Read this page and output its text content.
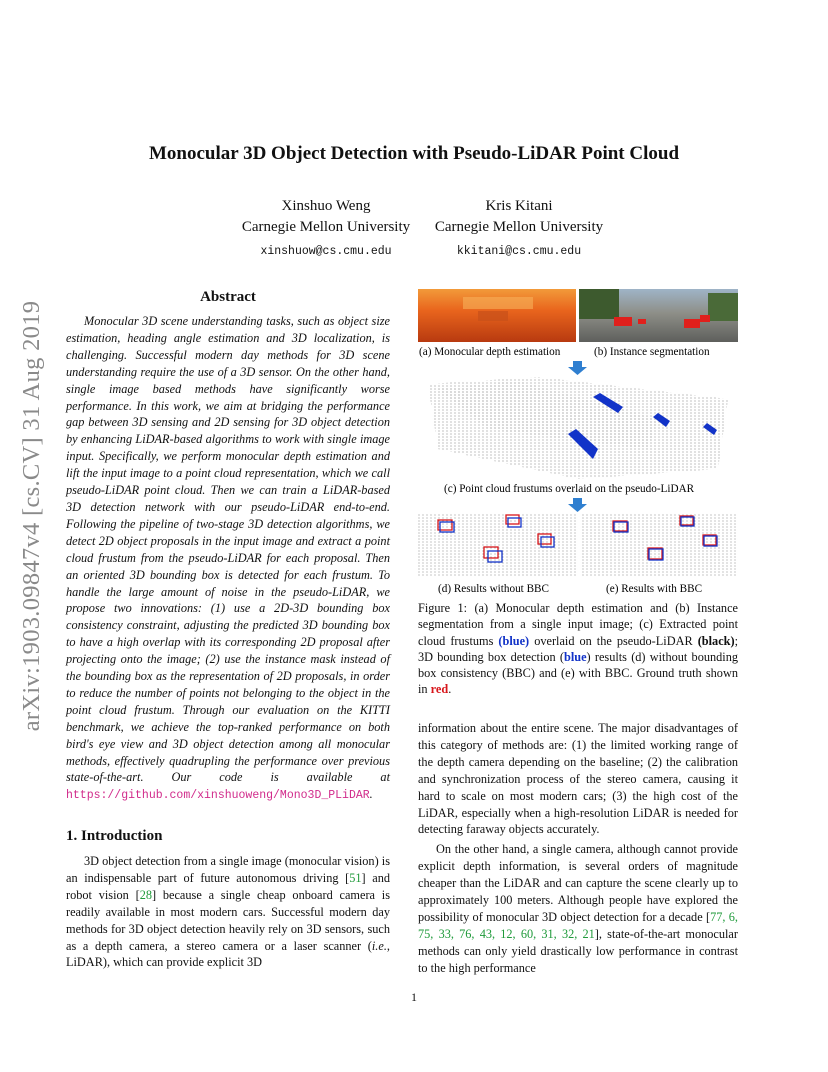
Monocular 3D Object Detection with Pseudo-LiDAR Point Cloud
Xinshuo Weng
Carnegie Mellon University
xinshuow@cs.cmu.edu
Kris Kitani
Carnegie Mellon University
kkitani@cs.cmu.edu
arXiv:1903.09847v4 [cs.CV] 31 Aug 2019
Abstract
Monocular 3D scene understanding tasks, such as object size estimation, heading angle estimation and 3D localization, is challenging. Successful modern day methods for 3D scene understanding require the use of a 3D sensor. On the other hand, single image based methods have significantly worse performance. In this work, we aim at bridging the performance gap between 3D sensing and 2D sensing for 3D object detection by enhancing LiDAR-based algorithms to work with single image input. Specifically, we perform monocular depth estimation and lift the input image to a point cloud representation, which we call pseudo-LiDAR point cloud. Then we can train a LiDAR-based 3D detection network with our pseudo-LiDAR end-to-end. Following the pipeline of two-stage 3D detection algorithms, we detect 2D object proposals in the input image and extract a point cloud frustum from the pseudo-LiDAR for each proposal. Then an oriented 3D bounding box is detected for each frustum. To handle the large amount of noise in the pseudo-LiDAR, we propose two innovations: (1) use a 2D-3D bounding box consistency constraint, adjusting the predicted 3D bounding box to have a high overlap with its corresponding 2D proposal after projecting onto the image; (2) use the instance mask instead of the bounding box as the representation of 2D proposals, in order to reduce the number of points not belonging to the object in the point cloud frustum. Through our evaluation on the KITTI benchmark, we achieve the top-ranked performance on both bird's eye view and 3D object detection among all monocular methods, effectively quadrupling the performance over previous state-of-the-art. Our code is available at https://github.com/xinshuoweng/Mono3D_PLiDAR.
1. Introduction
3D object detection from a single image (monocular vision) is an indispensable part of future autonomous driving [51] and robot vision [28] because a single cheap onboard camera is readily available in most modern cars. Successful modern day methods for 3D object detection heavily rely on 3D sensors, such as a depth camera, a stereo camera or a laser scanner (i.e., LiDAR), which can provide explicit 3D
(a) Monocular depth estimation	(b) Instance segmentation
(c) Point cloud frustums overlaid on the pseudo-LiDAR
(d) Results without BBC	(e) Results with BBC
Figure 1: (a) Monocular depth estimation and (b) Instance segmentation from a single input image; (c) Extracted point cloud frustums (blue) overlaid on the pseudo-LiDAR (black); 3D bounding box detection (blue) results (d) without bounding box consistency (BBC) and (e) with BBC. Ground truth shown in red.

information about the entire scene. The major disadvantages of this category of methods are: (1) the limited working range of the depth camera depending on the baseline; (2) the calibration and synchronization process of the stereo camera, causing it hard to scale on most modern cars; (3) the high cost of the LiDAR, especially when a high-resolution LiDAR is needed for detecting faraway objects accurately.

On the other hand, a single camera, although cannot provide explicit depth information, is several orders of magnitude cheaper than the LiDAR and can capture the scene clearly up to approximately 100 meters. Although people have explored the possibility of monocular 3D object detection for a decade [77, 6, 75, 33, 76, 43, 12, 60, 31, 32, 21], state-of-the-art monocular methods can only yield drastically low performance in contrast to the high performance

1
